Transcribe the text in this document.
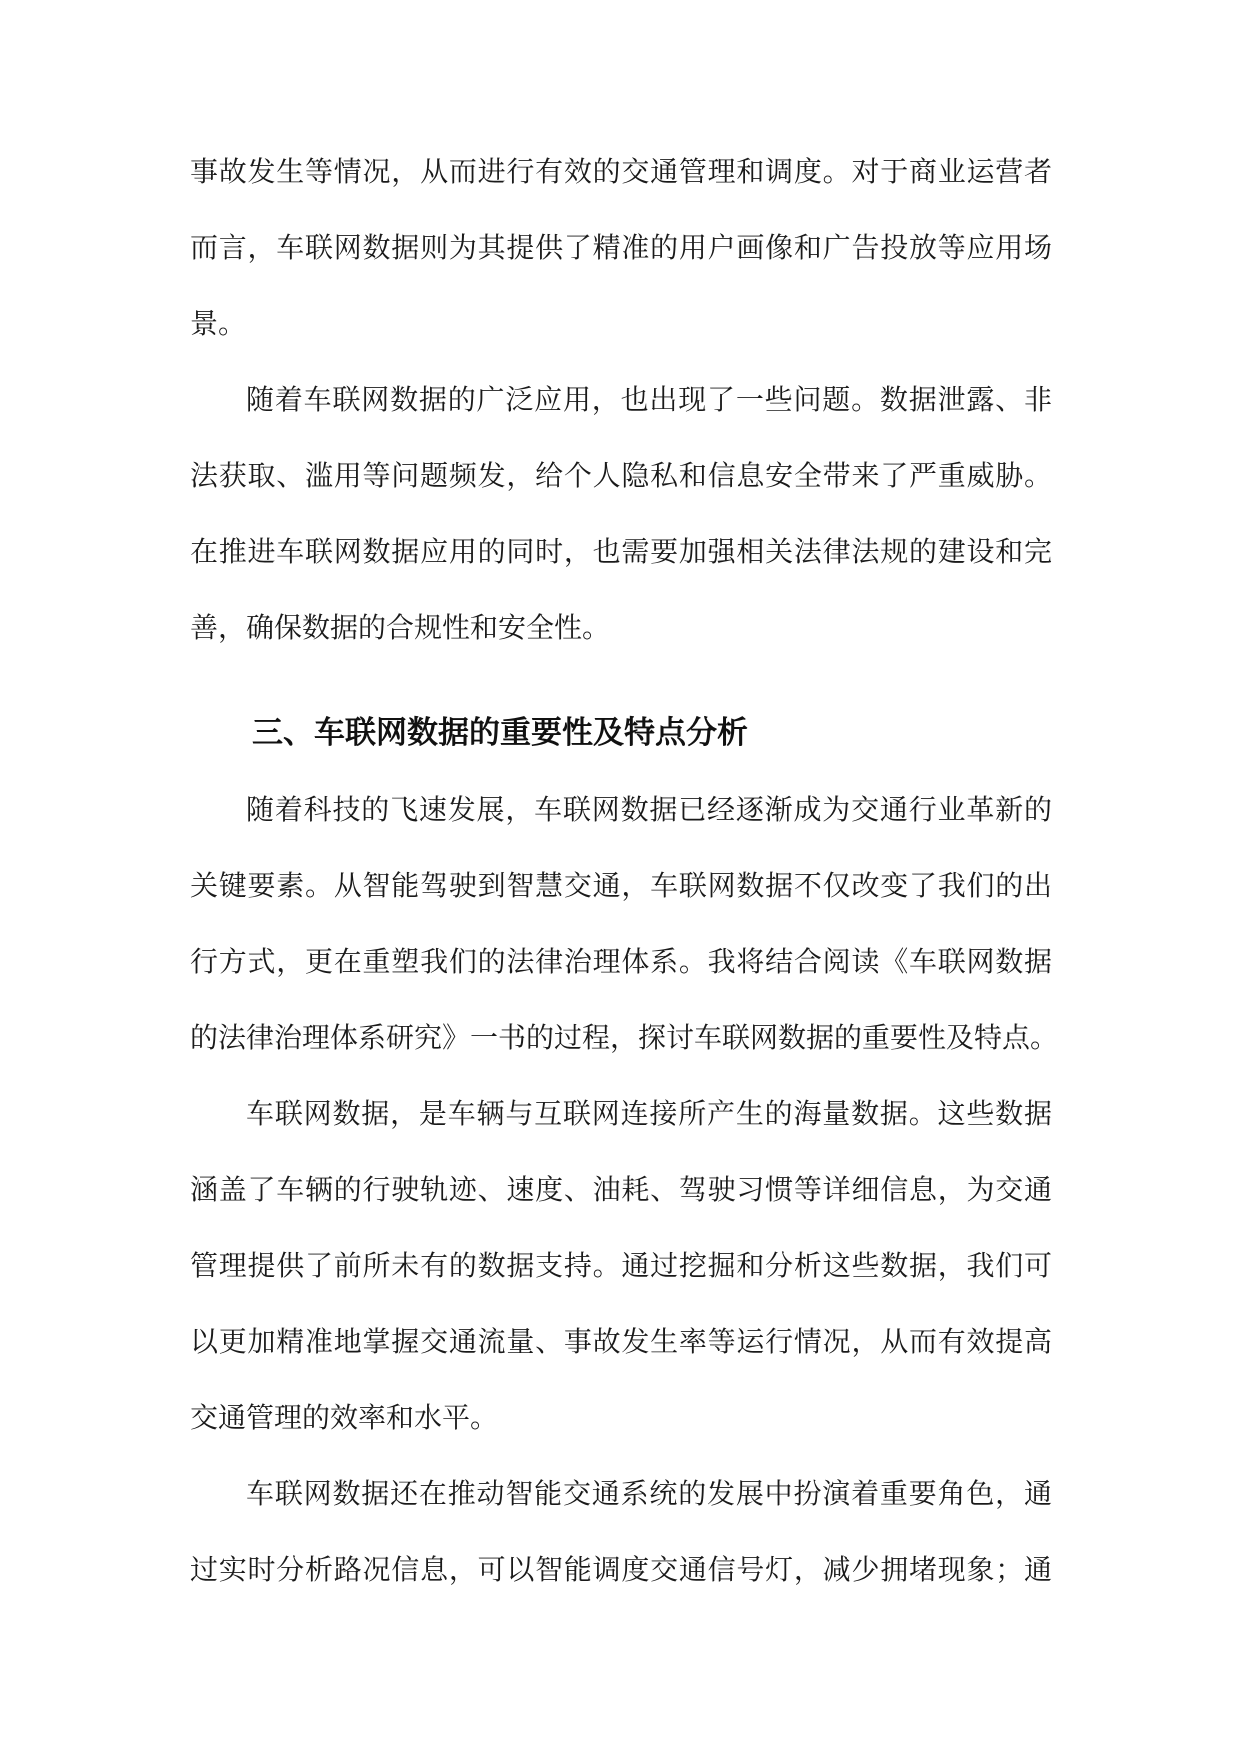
事故发生等情况，从而进行有效的交通管理和调度。对于商业运营者
而言，车联网数据则为其提供了精准的用户画像和广告投放等应用场
景。
随着车联网数据的广泛应用，也出现了一些问题。数据泄露、非
法获取、滥用等问题频发，给个人隐私和信息安全带来了严重威胁。
在推进车联网数据应用的同时，也需要加强相关法律法规的建设和完
善，确保数据的合规性和安全性。
三、车联网数据的重要性及特点分析
随着科技的飞速发展，车联网数据已经逐渐成为交通行业革新的
关键要素。从智能驾驶到智慧交通，车联网数据不仅改变了我们的出
行方式，更在重塑我们的法律治理体系。我将结合阅读《车联网数据
的法律治理体系研究》一书的过程，探讨车联网数据的重要性及特点。
车联网数据，是车辆与互联网连接所产生的海量数据。这些数据
涵盖了车辆的行驶轨迹、速度、油耗、驾驶习惯等详细信息，为交通
管理提供了前所未有的数据支持。通过挖掘和分析这些数据，我们可
以更加精准地掌握交通流量、事故发生率等运行情况，从而有效提高
交通管理的效率和水平。
车联网数据还在推动智能交通系统的发展中扮演着重要角色，通
过实时分析路况信息，可以智能调度交通信号灯，减少拥堵现象；通
